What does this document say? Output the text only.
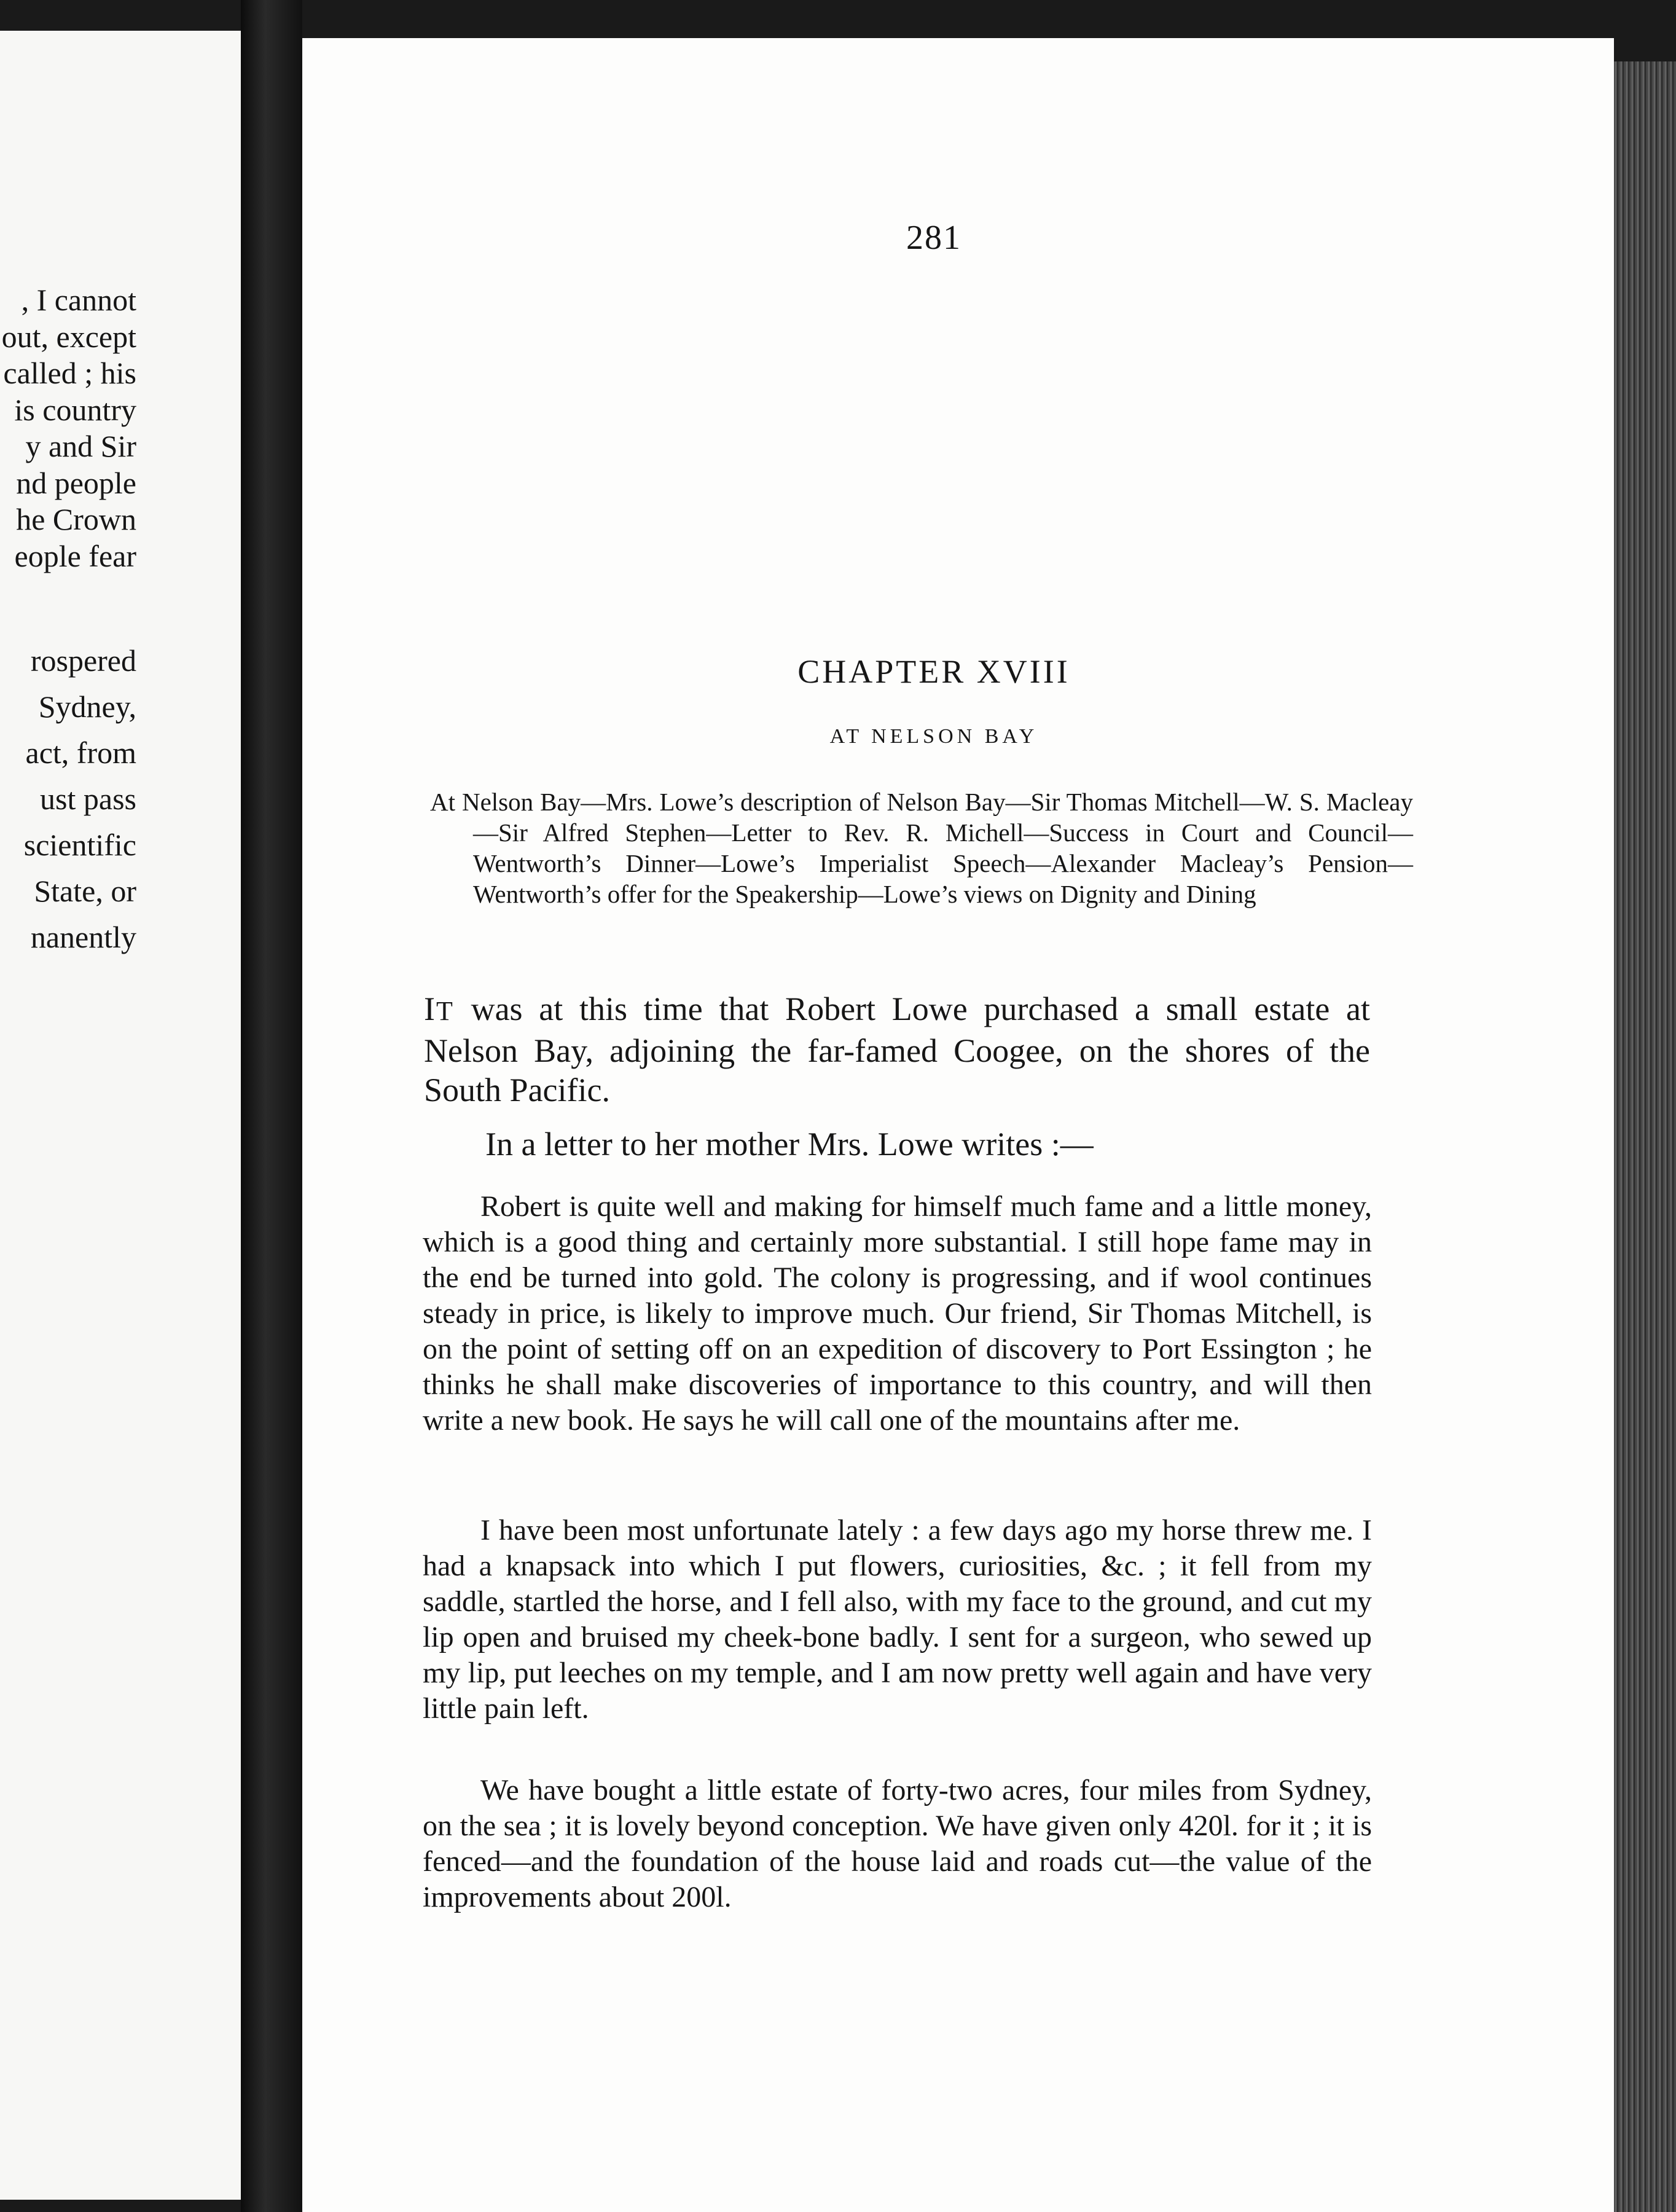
, I cannot
out, except
called ; his
is country
y and Sir
nd people
he Crown
eople fear
rospered
Sydney,
act, from
ust pass
scientific
State, or
nanently
281
CHAPTER XVIII
AT NELSON BAY
At Nelson Bay—Mrs. Lowe’s description of Nelson Bay—Sir Thomas Mitchell—W. S. Macleay—Sir Alfred Stephen—Letter to Rev. R. Michell—Success in Court and Council—Wentworth’s Dinner—Lowe’s Imperialist Speech—Alexander Macleay’s Pension—Wentworth’s offer for the Speakership—Lowe’s views on Dignity and Dining
IT was at this time that Robert Lowe purchased a small estate at Nelson Bay, adjoining the far-famed Coogee, on the shores of the South Pacific.
In a letter to her mother Mrs. Lowe writes :—
Robert is quite well and making for himself much fame and a little money, which is a good thing and certainly more substantial. I still hope fame may in the end be turned into gold. The colony is progressing, and if wool continues steady in price, is likely to improve much. Our friend, Sir Thomas Mitchell, is on the point of setting off on an expedition of discovery to Port Essington ; he thinks he shall make discoveries of importance to this country, and will then write a new book. He says he will call one of the mountains after me.
I have been most unfortunate lately : a few days ago my horse threw me. I had a knapsack into which I put flowers, curiosities, &c. ; it fell from my saddle, startled the horse, and I fell also, with my face to the ground, and cut my lip open and bruised my cheek-bone badly. I sent for a surgeon, who sewed up my lip, put leeches on my temple, and I am now pretty well again and have very little pain left.
We have bought a little estate of forty-two acres, four miles from Sydney, on the sea ; it is lovely beyond conception. We have given only 420l. for it ; it is fenced—and the foundation of the house laid and roads cut—the value of the improvements about 200l.
